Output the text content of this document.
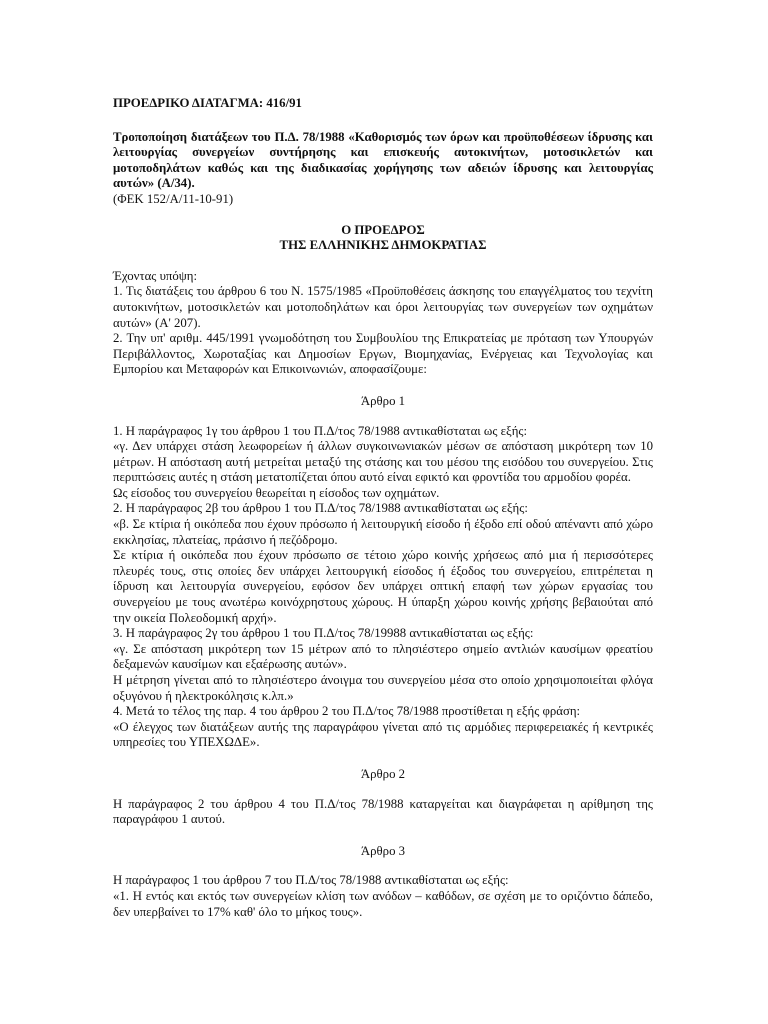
ΠΡΟΕΔΡΙΚΟ ΔΙΑΤΑΓΜΑ: 416/91

Τροποποίηση διατάξεων του Π.Δ. 78/1988 «Καθορισμός των όρων και προϋποθέσεων ίδρυσης και λειτουργίας συνεργείων συντήρησης και επισκευής αυτοκινήτων, μοτοσικλετών και μοτοποδηλάτων καθώς και της διαδικασίας χορήγησης των αδειών ίδρυσης και λειτουργίας αυτών» (Α/34).

(ΦΕΚ 152/Α/11-10-91)

Ο ΠΡΟΕΔΡΟΣ

ΤΗΣ ΕΛΛΗΝΙΚΗΣ ΔΗΜΟΚΡΑΤΙΑΣ

Έχοντας υπόψη:

1. Τις διατάξεις του άρθρου 6 του Ν. 1575/1985 «Προϋποθέσεις άσκησης του επαγγέλματος του τεχνίτη αυτοκινήτων, μοτοσικλετών και μοτοποδηλάτων και όροι λειτουργίας των συνεργείων των οχημάτων αυτών» (Α' 207).

2. Την υπ' αριθμ. 445/1991 γνωμοδότηση του Συμβουλίου της Επικρατείας με πρόταση των Υπουργών Περιβάλλοντος, Χωροταξίας και Δημοσίων Εργων, Βιομηχανίας, Ενέργειας και Τεχνολογίας και Εμπορίου και Μεταφορών και Επικοινωνιών, αποφασίζουμε:

Άρθρο 1

1. Η παράγραφος 1γ του άρθρου 1 του Π.Δ/τος 78/1988 αντικαθίσταται ως εξής:

«γ. Δεν υπάρχει στάση λεωφορείων ή άλλων συγκοινωνιακών μέσων σε απόσταση μικρότερη των 10 μέτρων. Η απόσταση αυτή μετρείται μεταξύ της στάσης και του μέσου της εισόδου του συνεργείου. Στις περιπτώσεις αυτές η στάση μετατοπίζεται όπου αυτό είναι εφικτό και φροντίδα του αρμοδίου φορέα.

Ως είσοδος του συνεργείου θεωρείται η είσοδος των οχημάτων.

2. Η παράγραφος 2β του άρθρου 1 του Π.Δ/τος 78/1988 αντικαθίσταται ως εξής:

«β. Σε κτίρια ή οικόπεδα που έχουν πρόσωπο ή λειτουργική είσοδο ή έξοδο επί οδού απέναντι από χώρο εκκλησίας, πλατείας, πράσινο ή πεζόδρομο.

Σε κτίρια ή οικόπεδα που έχουν πρόσωπο σε τέτοιο χώρο κοινής χρήσεως από μια ή περισσότερες πλευρές τους, στις οποίες δεν υπάρχει λειτουργική είσοδος ή έξοδος του συνεργείου, επιτρέπεται η ίδρυση και λειτουργία συνεργείου, εφόσον δεν υπάρχει οπτική επαφή των χώρων εργασίας του συνεργείου με τους ανωτέρω κοινόχρηστους χώρους. Η ύπαρξη χώρου κοινής χρήσης βεβαιούται από την οικεία Πολεοδομική αρχή».

3. Η παράγραφος 2γ του άρθρου 1 του Π.Δ/τος 78/19988 αντικαθίσταται ως εξής:

«γ. Σε απόσταση μικρότερη των 15 μέτρων από το πλησιέστερο σημείο αντλιών καυσίμων φρεατίου δεξαμενών καυσίμων και εξαέρωσης αυτών».

Η μέτρηση γίνεται από το πλησιέστερο άνοιγμα του συνεργείου μέσα στο οποίο χρησιμοποιείται φλόγα οξυγόνου ή ηλεκτροκόλησις κ.λπ.»

4. Μετά το τέλος της παρ. 4 του άρθρου 2 του Π.Δ/τος 78/1988 προστίθεται η εξής φράση:

«Ο έλεγχος των διατάξεων αυτής της παραγράφου γίνεται από τις αρμόδιες περιφερειακές ή κεντρικές υπηρεσίες του ΥΠΕΧΩΔΕ».

Άρθρο 2

Η παράγραφος 2 του άρθρου 4 του Π.Δ/τος 78/1988 καταργείται και διαγράφεται η αρίθμηση της παραγράφου 1 αυτού.

Άρθρο 3

Η παράγραφος 1 του άρθρου 7 του Π.Δ/τος 78/1988 αντικαθίσταται ως εξής:

«1. Η εντός και εκτός των συνεργείων κλίση των ανόδων – καθόδων, σε σχέση με το οριζόντιο δάπεδο, δεν υπερβαίνει το 17% καθ' όλο το μήκος τους».
